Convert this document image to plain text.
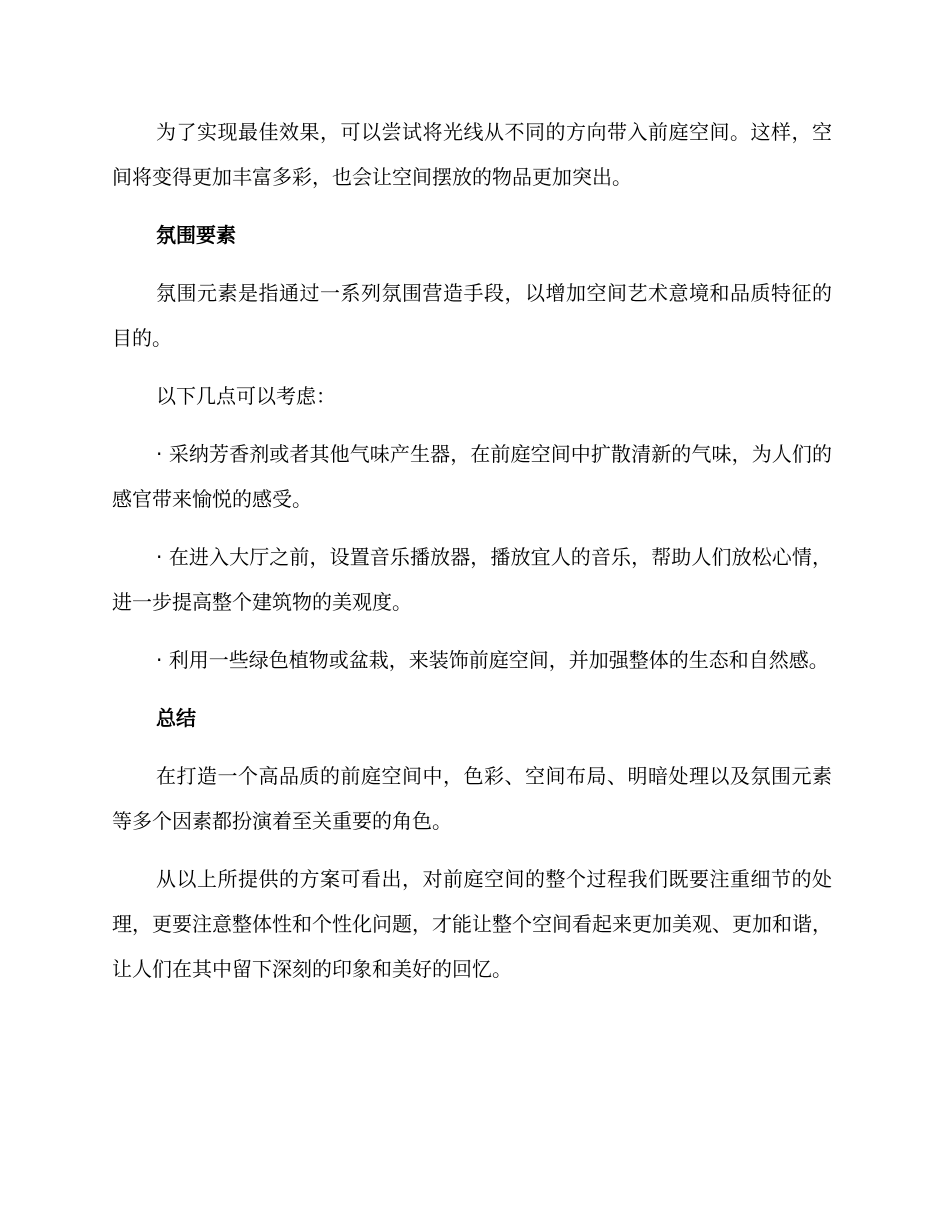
为了实现最佳效果，可以尝试将光线从不同的方向带入前庭空间。这样，空间将变得更加丰富多彩，也会让空间摆放的物品更加突出。

氛围要素

氛围元素是指通过一系列氛围营造手段，以增加空间艺术意境和品质特征的目的。

以下几点可以考虑：

· 采纳芳香剂或者其他气味产生器，在前庭空间中扩散清新的气味，为人们的感官带来愉悦的感受。

· 在进入大厅之前，设置音乐播放器，播放宜人的音乐，帮助人们放松心情，进一步提高整个建筑物的美观度。

· 利用一些绿色植物或盆栽，来装饰前庭空间，并加强整体的生态和自然感。

总结

在打造一个高品质的前庭空间中，色彩、空间布局、明暗处理以及氛围元素等多个因素都扮演着至关重要的角色。

从以上所提供的方案可看出，对前庭空间的整个过程我们既要注重细节的处理，更要注意整体性和个性化问题，才能让整个空间看起来更加美观、更加和谐，让人们在其中留下深刻的印象和美好的回忆。
